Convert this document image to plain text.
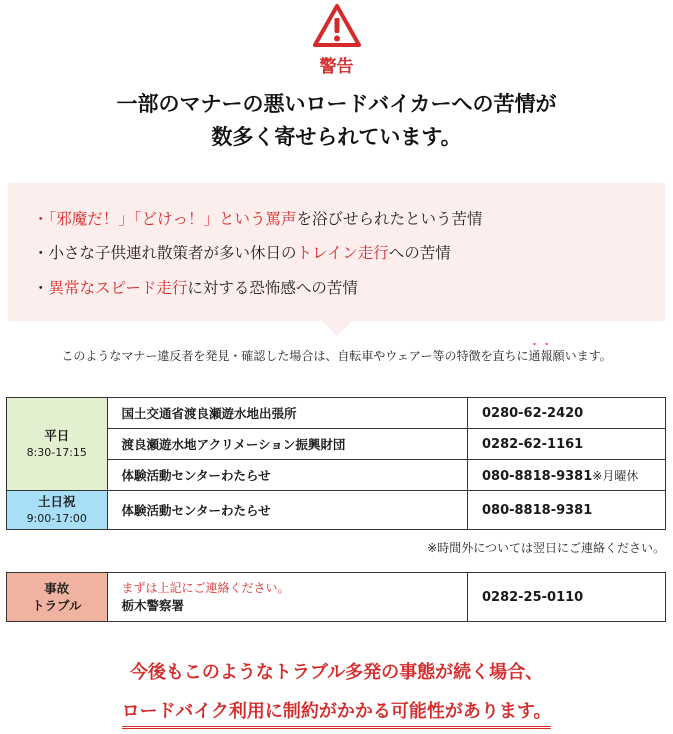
警告
一部のマナーの悪いロードバイカーへの苦情が
数多く寄せられています。
・「邪魔だ！」「どけっ！」という罵声を浴びせられたという苦情
・小さな子供連れ散策者が多い休日のトレイン走行への苦情
・異常なスピード走行に対する恐怖感への苦情
このようなマナー違反者を発見・確認した場合は、自転車やウェアー等の特徴を直ちに・ 通・ 報願います。
平日
8:30-17:15	国土交通省渡良瀬遊水地出張所	0280-62-2420
	渡良瀬遊水地アクリメーション振興財団	0282-62-1161
	体験活動センターわたらせ	080-8818-9381※月曜休

土日祝
9:00-17:00	体験活動センターわたらせ	080-8818-9381
※時間外については翌日にご連絡ください。
事故
トラブル

まずは上記にご連絡ください。
栃木警察署
	0282-25-0110
今後もこのようなトラブル多発の事態が続く場合、
ロードバイク利用に制約がかかる可能性があります。
